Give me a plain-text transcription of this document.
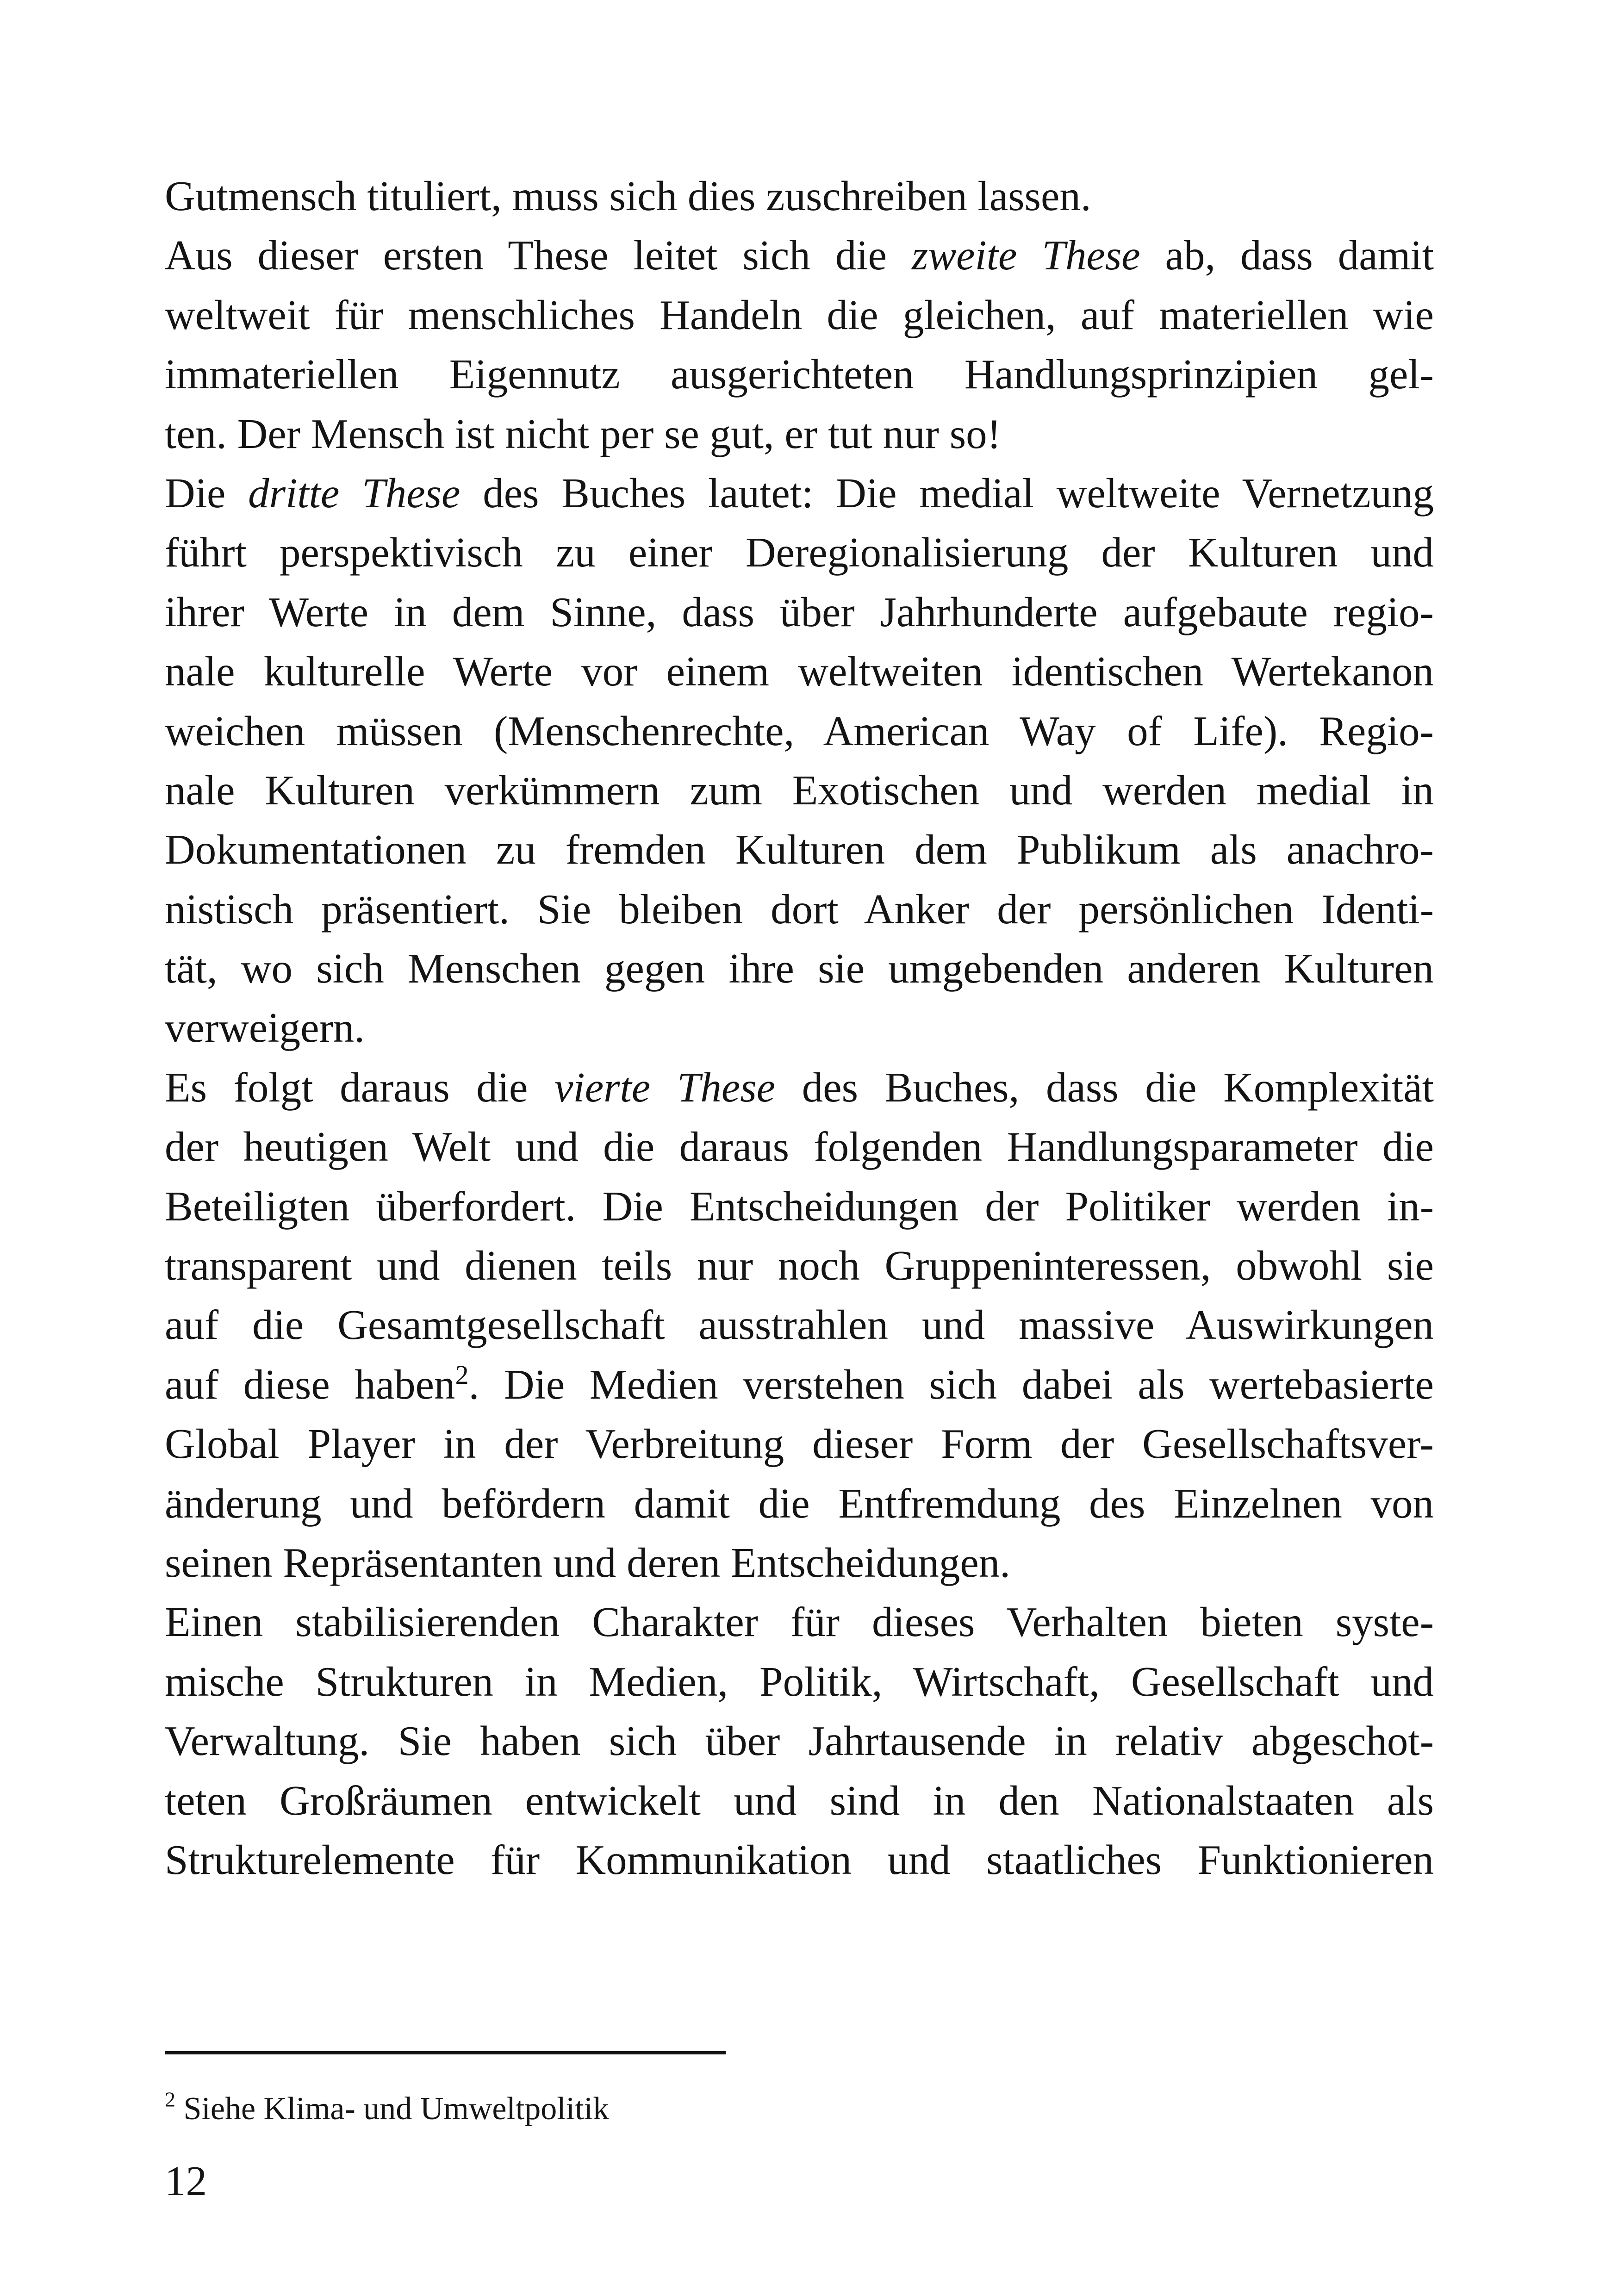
Gutmensch tituliert, muss sich dies zuschreiben lassen.
Aus dieser ersten These leitet sich die zweite These ab, dass damit
weltweit für menschliches Handeln die gleichen, auf materiellen wie
immateriellen Eigennutz ausgerichteten Handlungsprinzipien gel-
ten. Der Mensch ist nicht per se gut, er tut nur so!
Die dritte These des Buches lautet: Die medial weltweite Vernetzung
führt perspektivisch zu einer Deregionalisierung der Kulturen und
ihrer Werte in dem Sinne, dass über Jahrhunderte aufgebaute regio-
nale kulturelle Werte vor einem weltweiten identischen Wertekanon
weichen müssen (Menschenrechte, American Way of Life). Regio-
nale Kulturen verkümmern zum Exotischen und werden medial in
Dokumentationen zu fremden Kulturen dem Publikum als anachro-
nistisch präsentiert. Sie bleiben dort Anker der persönlichen Identi-
tät, wo sich Menschen gegen ihre sie umgebenden anderen Kulturen
verweigern.
Es folgt daraus die vierte These des Buches, dass die Komplexität
der heutigen Welt und die daraus folgenden Handlungsparameter die
Beteiligten überfordert. Die Entscheidungen der Politiker werden in-
transparent und dienen teils nur noch Gruppeninteressen, obwohl sie
auf die Gesamtgesellschaft ausstrahlen und massive Auswirkungen
auf diese haben$^2$. Die Medien verstehen sich dabei als wertebasierte
Global Player in der Verbreitung dieser Form der Gesellschaftsver-
änderung und befördern damit die Entfremdung des Einzelnen von
seinen Repräsentanten und deren Entscheidungen.
Einen stabilisierenden Charakter für dieses Verhalten bieten syste-
mische Strukturen in Medien, Politik, Wirtschaft, Gesellschaft und
Verwaltung. Sie haben sich über Jahrtausende in relativ abgeschot-
teten Großräumen entwickelt und sind in den Nationalstaaten als
Strukturelemente für Kommunikation und staatliches Funktionieren
$^2$ Siehe Klima- und Umweltpolitik
12
